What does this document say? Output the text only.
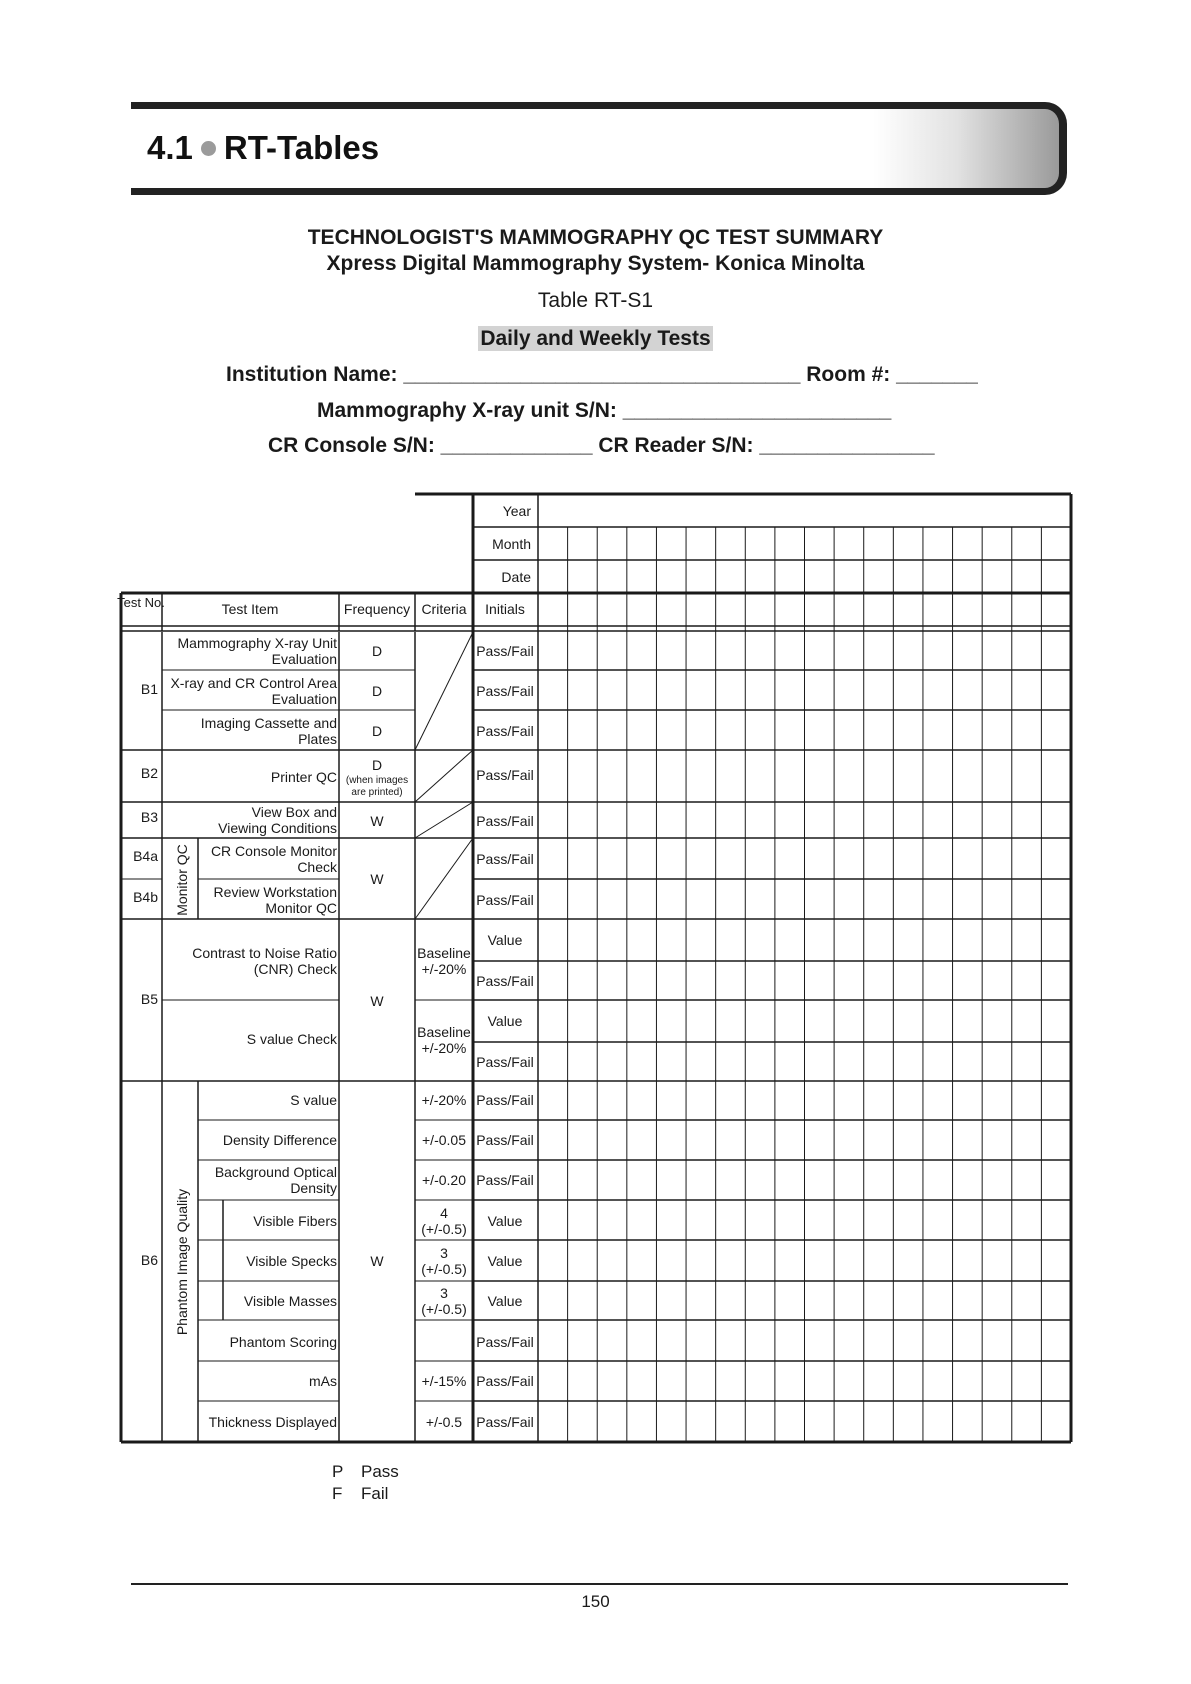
4.1 RT-Tables
TECHNOLOGIST'S MAMMOGRAPHY QC TEST SUMMARY
Xpress Digital Mammography System- Konica Minolta
Table RT-S1
Daily and Weekly Tests
Institution Name: __________________________________ Room #: _______
Mammography X-ray unit S/N: _______________________
CR Console S/N: _____________ CR Reader S/N: _______________
Year
Month
Date
Initials
Test No.	Test Item	Frequency Criteria
B1
B2
B3
B4a
B4b
B5
B6
Monitor QC
Phantom Image Quality
Mammography X-ray Unit
Evaluation
X-ray and CR Control Area
Evaluation
Imaging Cassette and
Plates
Printer QC
View Box and
Viewing Conditions
CR Console Monitor
Check
Review Workstation
Monitor QC
Contrast to Noise Ratio
(CNR) Check
S value Check
S value
Density Difference
Background Optical
Density
Visible Fibers
Visible Specks
Visible Masses
Phantom Scoring
mAs
Thickness Displayed
D
D
D
D
(when images
are printed)
W
W
W
W
Baseline
+/-20%
Baseline
+/-20%
+/-20%
+/-0.05
+/-0.20
4
(+/-0.5)
3
(+/-0.5)
3
(+/-0.5)
+/-15%
+/-0.5
Pass/Fail
Pass/Fail
Pass/Fail
Pass/Fail
Pass/Fail
Pass/Fail
Pass/Fail
Value
Pass/Fail
Value
Pass/Fail
Pass/Fail
Pass/Fail
Pass/Fail
Value
Value
Value
Pass/Fail
Pass/Fail
Pass/Fail
P Pass
F Fail
150
